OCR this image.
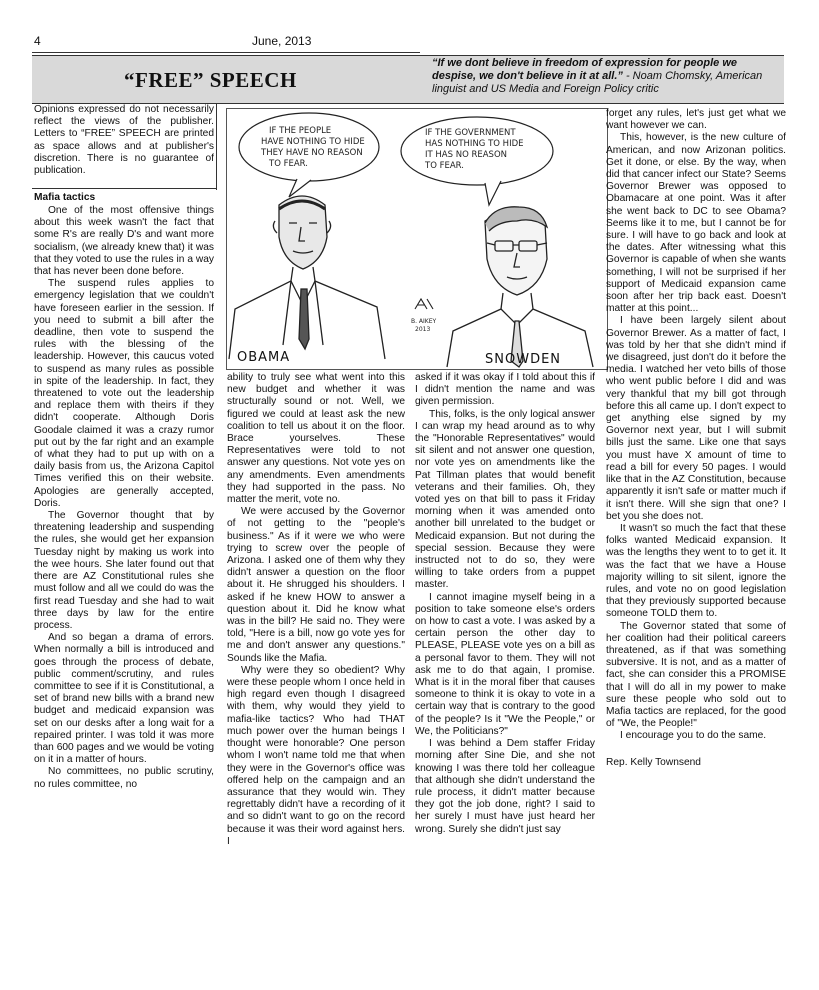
4	June, 2013
“FREE” SPEECH
“If we dont believe in freedom of expression for people we despise, we don't believe in it at all.” - Noam Chomsky, American linguist and US Media and Foreign Policy critic
Opinions expressed do not necessarily reflect the views of the publisher. Letters to “FREE” SPEECH are printed as space allows and at publisher's discretion. There is no guarantee of publication.
Mafia tactics
IF THE PEOPLE
HAVE NOTHING TO HIDE
THEY HAVE NO REASON
TO FEAR.
IF THE GOVERNMENT
HAS NOTHING TO HIDE
IT HAS NO REASON
TO FEAR.
B. AIKEY
2013
OBAMA	SNOWDEN

One of the most offensive things about this week wasn't the fact that some R's are really D's and want more socialism, (we already knew that) it was that they voted to use the rules in a way that has never been done before.

The suspend rules applies to emergency legislation that we couldn't have foreseen earlier in the session. If you need to submit a bill after the deadline, then vote to suspend the rules with the blessing of the leadership. However, this caucus voted to suspend as many rules as possible in spite of the leadership. In fact, they threatened to vote out the leadership and replace them with theirs if they didn't cooperate. Although Doris Goodale claimed it was a crazy rumor put out by the far right and an example of what they had to put up with on a daily basis from us, the Arizona Capitol Times verified this on their website. Apologies are generally accepted, Doris.

The Governor thought that by threatening leadership and suspending the rules, she would get her expansion Tuesday night by making us work into the wee hours. She later found out that there are AZ Constitutional rules she must follow and all we could do was the first read Tuesday and she had to wait three days by law for the entire process.

And so began a drama of errors. When normally a bill is introduced and goes through the process of debate, public comment/scrutiny, and rules committee to see if it is Constitutional, a set of brand new bills with a brand new budget and medicaid expansion was set on our desks after a long wait for a repaired printer. I was told it was more than 600 pages and we would be voting on it in a matter of hours.

No committees, no public scrutiny, no rules committee, no

ability to truly see what went into this new budget and whether it was structurally sound or not. Well, we figured we could at least ask the new coalition to tell us about it on the floor. Brace yourselves. These Representatives were told to not answer any questions. Not vote yes on any amendments. Even amendments they had supported in the pass. No matter the merit, vote no.

We were accused by the Governor of not getting to the "people's business." As if it were we who were trying to screw over the people of Arizona. I asked one of them why they didn't answer a question on the floor about it. He shrugged his shoulders. I asked if he knew HOW to answer a question about it. Did he know what was in the bill? He said no. They were told, "Here is a bill, now go vote yes for me and don't answer any questions." Sounds like the Mafia.

Why were they so obedient? Why were these people whom I once held in high regard even though I disagreed with them, why would they yield to mafia-like tactics? Who had THAT much power over the human beings I thought were honorable? One person whom I won't name told me that when they were in the Governor's office was offered help on the campaign and an assurance that they would win. They regrettably didn't have a recording of it and so didn't want to go on the record because it was their word against hers. I

asked if it was okay if I told about this if I didn't mention the name and was given permission.

This, folks, is the only logical answer I can wrap my head around as to why the "Honorable Representatives" would sit silent and not answer one question, nor vote yes on amendments like the Pat Tillman plates that would benefit veterans and their families. Oh, they voted yes on that bill to pass it Friday morning when it was amended onto another bill unrelated to the budget or Medicaid expansion. But not during the special session. Because they were instructed not to do so, they were willing to take orders from a puppet master.

I cannot imagine myself being in a position to take someone else's orders on how to cast a vote. I was asked by a certain person the other day to PLEASE, PLEASE vote yes on a bill as a personal favor to them. They will not ask me to do that again, I promise. What is it in the moral fiber that causes someone to think it is okay to vote in a certain way that is contrary to the good of the people? Is it "We the People," or We, the Politicians?"

I was behind a Dem staffer Friday morning after Sine Die, and she not knowing I was there told her colleague that although she didn't understand the rule process, it didn't matter because they got the job done, right? I said to her surely I must have just heard her wrong. Surely she didn't just say

forget any rules, let's just get what we want however we can.

This, however, is the new culture of American, and now Arizonan politics. Get it done, or else. By the way, when did that cancer infect our State? Seems Governor Brewer was opposed to Obamacare at one point. Was it after she went back to DC to see Obama? Seems like it to me, but I cannot be for sure. I will have to go back and look at the dates. After witnessing what this Governor is capable of when she wants something, I will not be surprised if her support of Medicaid expansion came soon after her trip back east. Doesn't matter at this point...

I have been largely silent about Governor Brewer. As a matter of fact, I was told by her that she didn't mind if we disagreed, just don't do it before the media. I watched her veto bills of those who went public before I did and was very thankful that my bill got through before this all came up. I don't expect to get anything else signed by my Governor next year, but I will submit bills just the same. Like one that says you must have X amount of time to read a bill for every 50 pages. I would like that in the AZ Constitution, because apparently it isn't safe or matter much if it isn't there. Will she sign that one? I bet you she does not.

It wasn't so much the fact that these folks wanted Medicaid expansion. It was the lengths they went to to get it. It was the fact that we have a House majority willing to sit silent, ignore the rules, and vote no on good legislation that they previously supported because someone TOLD them to.

The Governor stated that some of her coalition had their political careers threatened, as if that was something subversive. It is not, and as a matter of fact, she can consider this a PROMISE that I will do all in my power to make sure these people who sold out to Mafia tactics are replaced, for the good of "We, the People!"

I encourage you to do the same.

Rep. Kelly Townsend
